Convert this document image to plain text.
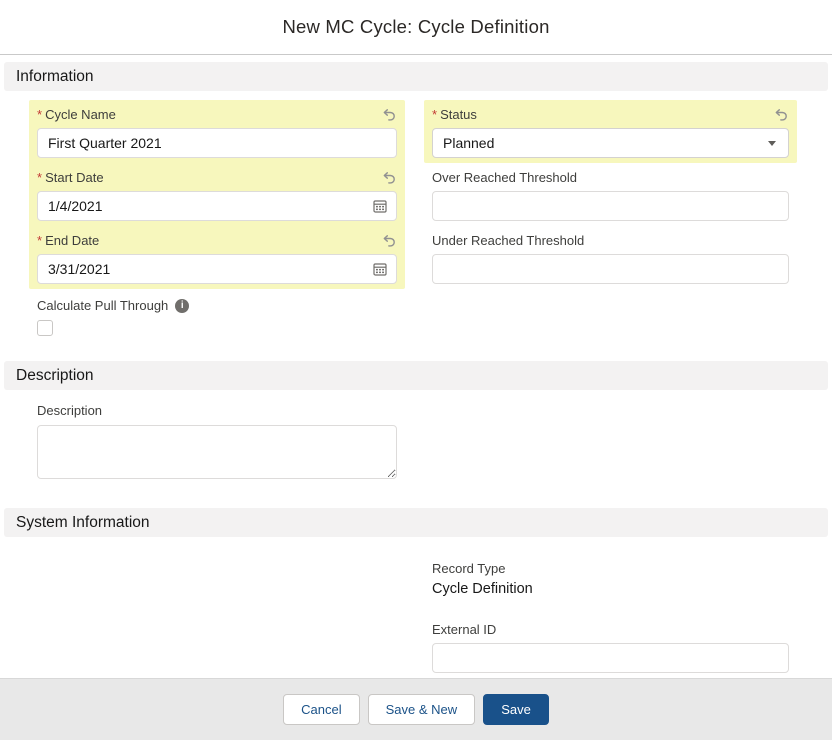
New MC Cycle: Cycle Definition
Information
* Cycle Name
First Quarter 2021
* Start Date
1/4/2021
* End Date
3/31/2021
Calculate Pull Through
i
* Status
Planned
Over Reached Threshold
Under Reached Threshold
Description
Description
System Information
Record Type
Cycle Definition
External ID
Cancel	Save & New	Save
